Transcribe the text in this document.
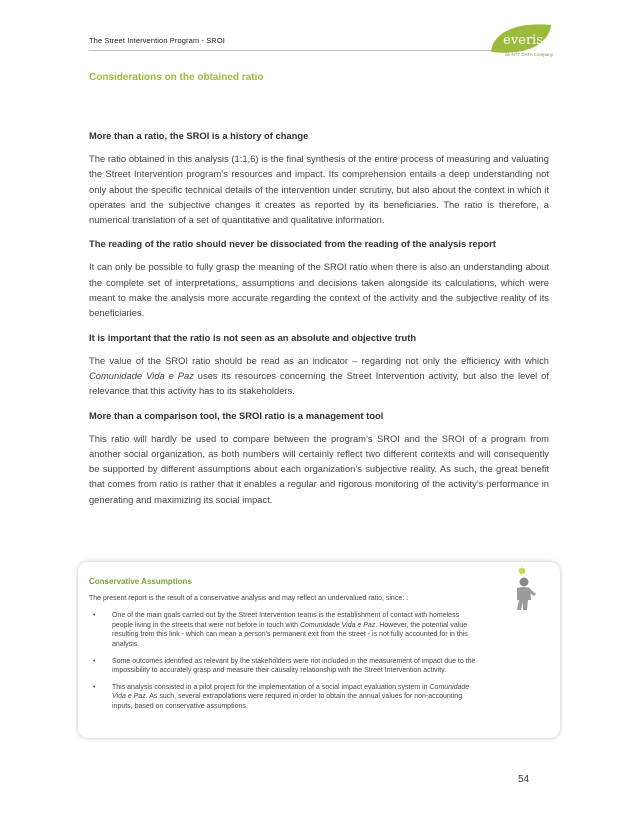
The Street Intervention Program - SROI	everis
an NTT DATA Company
Considerations on the obtained ratio
More than a ratio, the SROI is a history of change

The ratio obtained in this analysis (1:1,6) is the final synthesis of the entire process of measuring and valuating the Street Intervention program’s resources and impact. Its comprehension entails a deep understanding not only about the specific technical details of the intervention under scrutiny, but also about the context in which it operates and the subjective changes it creates as reported by its beneficiaries. The ratio is therefore, a numerical translation of a set of quantitative and qualitative information.

The reading of the ratio should never be dissociated from the reading of the analysis report

It can only be possible to fully grasp the meaning of the SROI ratio when there is also an understanding about the complete set of interpretations, assumptions and decisions taken alongside its calculations, which were meant to make the analysis more accurate regarding the context of the activity and the subjective reality of its beneficiaries.

It is important that the ratio is not seen as an absolute and objective truth

The value of the SROI ratio should be read as an indicator – regarding not only the efficiency with which Comunidade Vida e Paz uses its resources concerning the Street Intervention activity, but also the level of relevance that this activity has to its stakeholders.

More than a comparison tool, the SROI ratio is a management tool

This ratio will hardly be used to compare between the program’s SROI and the SROI of a program from another social organization, as both numbers will certainly reflect two different contexts and will consequently be supported by different assumptions about each organization’s subjective reality. As such, the great benefit that comes from ratio is rather that it enables a regular and rigorous monitoring of the activity's performance in generating and maximizing its social impact.

Conservative Assumptions
The present report is the result of a conservative analysis and may reflect an undervalued ratio, since: :
• One of the main goals carried out by the Street Intervention teams is the establishment of contact with homeless people living in the streets that were not before in touch with Comunidade Vida e Paz. However, the potential value resulting from this link - which can mean a person's permanent exit from the street - is not fully accounted for in this analysis.
• Some outcomes identified as relevant by the stakeholders were not included in the measurement of impact due to the impossibility to accurately grasp and measure their causality relationship with the Street Intervention activity.
• This analysis consisted in a pilot project for the implementation of a social impact evaluation system in Comunidade Vida e Paz. As such, several extrapolations were required in order to obtain the annual values for non-accounting inputs, based on conservative assumptions.
54
